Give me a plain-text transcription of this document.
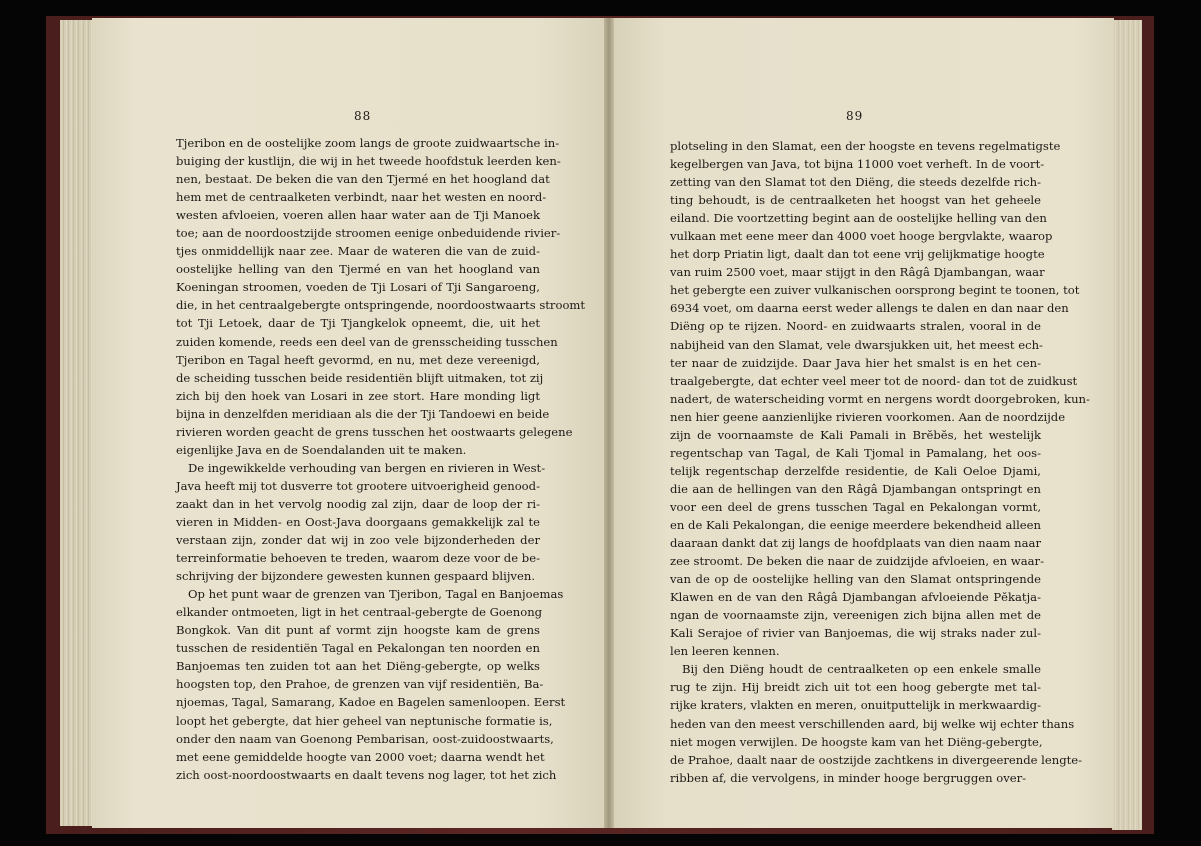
88
Tjeribon en de oostelijke zoom langs de groote zuidwaartsche in-
buiging der kustlijn, die wij in het tweede hoofdstuk leerden ken-
nen, bestaat. De beken die van den Tjermé en het hoogland dat
hem met de centraalketen verbindt, naar het westen en noord-
westen afvloeien, voeren allen haar water aan de Tji Manoek
toe; aan de noordoostzijde stroomen eenige onbeduidende rivier-
tjes onmiddellijk naar zee. Maar de wateren die van de zuid-
oostelijke helling van den Tjermé en van het hoogland van
Koeningan stroomen, voeden de Tji Losari of Tji Sangaroeng,
die, in het centraalgebergte ontspringende, noordoostwaarts stroomt
tot Tji Letoek, daar de Tji Tjangkelok opneemt, die, uit het
zuiden komende, reeds een deel van de grensscheiding tusschen
Tjeribon en Tagal heeft gevormd, en nu, met deze vereenigd,
de scheiding tusschen beide residentiën blijft uitmaken, tot zij
zich bij den hoek van Losari in zee stort. Hare monding ligt
bijna in denzelfden meridiaan als die der Tji Tandoewi en beide
rivieren worden geacht de grens tusschen het oostwaarts gelegene
eigenlijke Java en de Soendalanden uit te maken.
De ingewikkelde verhouding van bergen en rivieren in West-
Java heeft mij tot dusverre tot grootere uitvoerigheid genood-
zaakt dan in het vervolg noodig zal zijn, daar de loop der ri-
vieren in Midden- en Oost-Java doorgaans gemakkelijk zal te
verstaan zijn, zonder dat wij in zoo vele bijzonderheden der
terreinformatie behoeven te treden, waarom deze voor de be-
schrijving der bijzondere gewesten kunnen gespaard blijven.
Op het punt waar de grenzen van Tjeribon, Tagal en Banjoemas
elkander ontmoeten, ligt in het centraal-gebergte de Goenong
Bongkok. Van dit punt af vormt zijn hoogste kam de grens
tusschen de residentiën Tagal en Pekalongan ten noorden en
Banjoemas ten zuiden tot aan het Diëng-gebergte, op welks
hoogsten top, den Prahoe, de grenzen van vijf residentiën, Ba-
njoemas, Tagal, Samarang, Kadoe en Bagelen samenloopen. Eerst
loopt het gebergte, dat hier geheel van neptunische formatie is,
onder den naam van Goenong Pembarisan, oost-zuidoostwaarts,
met eene gemiddelde hoogte van 2000 voet; daarna wendt het
zich oost-noordoostwaarts en daalt tevens nog lager, tot het zich
89
plotseling in den Slamat, een der hoogste en tevens regelmatigste
kegelbergen van Java, tot bijna 11000 voet verheft. In de voort-
zetting van den Slamat tot den Diëng, die steeds dezelfde rich-
ting behoudt, is de centraalketen het hoogst van het geheele
eiland. Die voortzetting begint aan de oostelijke helling van den
vulkaan met eene meer dan 4000 voet hooge bergvlakte, waarop
het dorp Priatin ligt, daalt dan tot eene vrij gelijkmatige hoogte
van ruim 2500 voet, maar stijgt in den Râgâ Djambangan, waar
het gebergte een zuiver vulkanischen oorsprong begint te toonen, tot
6934 voet, om daarna eerst weder allengs te dalen en dan naar den
Diëng op te rijzen. Noord- en zuidwaarts stralen, vooral in de
nabijheid van den Slamat, vele dwarsjukken uit, het meest ech-
ter naar de zuidzijde. Daar Java hier het smalst is en het cen-
traalgebergte, dat echter veel meer tot de noord- dan tot de zuidkust
nadert, de waterscheiding vormt en nergens wordt doorgebroken, kun-
nen hier geene aanzienlijke rivieren voorkomen. Aan de noordzijde
zijn de voornaamste de Kali Pamali in Brĕbĕs, het westelijk
regentschap van Tagal, de Kali Tjomal in Pamalang, het oos-
telijk regentschap derzelfde residentie, de Kali Oeloe Djami,
die aan de hellingen van den Râgâ Djambangan ontspringt en
voor een deel de grens tusschen Tagal en Pekalongan vormt,
en de Kali Pekalongan, die eenige meerdere bekendheid alleen
daaraan dankt dat zij langs de hoofdplaats van dien naam naar
zee stroomt. De beken die naar de zuidzijde afvloeien, en waar-
van de op de oostelijke helling van den Slamat ontspringende
Klawen en de van den Râgâ Djambangan afvloeiende Pĕkatja-
ngan de voornaamste zijn, vereenigen zich bijna allen met de
Kali Serajoe of rivier van Banjoemas, die wij straks nader zul-
len leeren kennen.
Bij den Diëng houdt de centraalketen op een enkele smalle
rug te zijn. Hij breidt zich uit tot een hoog gebergte met tal-
rijke kraters, vlakten en meren, onuitputtelijk in merkwaardig-
heden van den meest verschillenden aard, bij welke wij echter thans
niet mogen verwijlen. De hoogste kam van het Diëng-gebergte,
de Prahoe, daalt naar de oostzijde zachtkens in divergeerende lengte-
ribben af, die vervolgens, in minder hooge bergruggen over-
